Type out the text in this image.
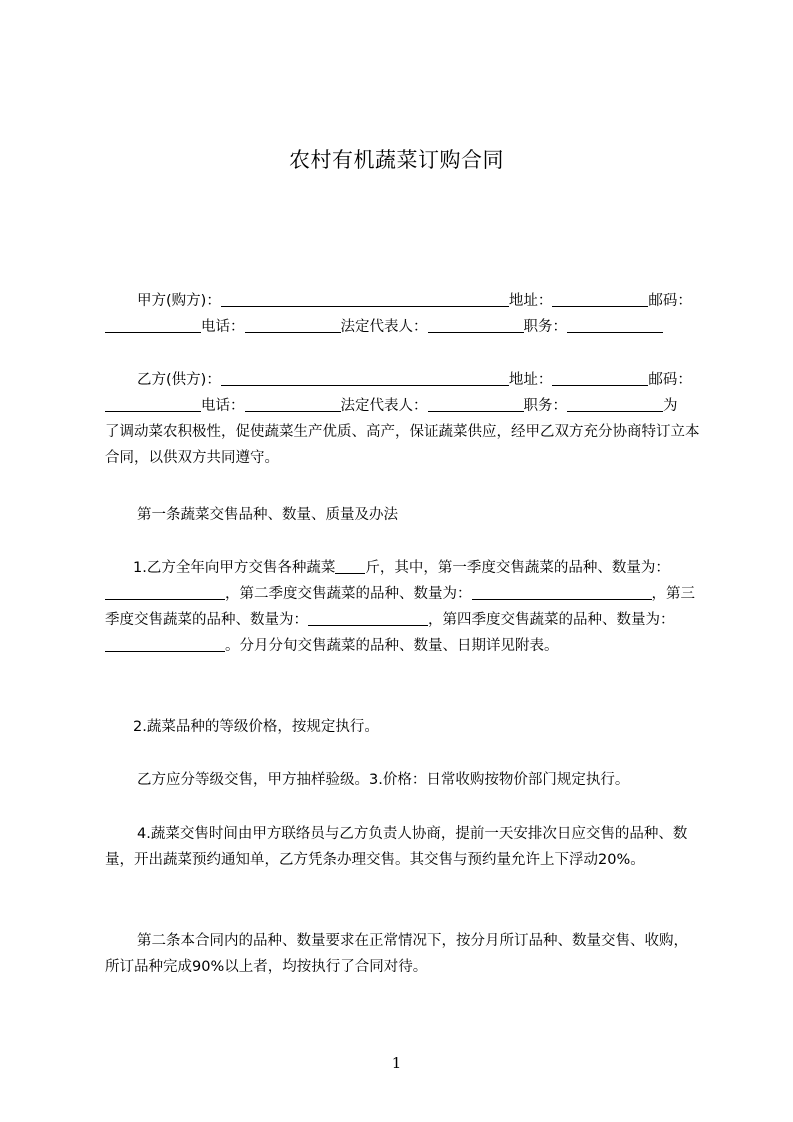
农村有机蔬菜订购合同

甲方(购方)：	地址：	邮码：
电话：	法定代表人：	职务：

乙方(供方)：	地址：	邮码：
电话：	法定代表人：	职务：	为
了调动菜农积极性，促使蔬菜生产优质、高产，保证蔬菜供应，经甲乙双方充分协商特订立本合同，以供双方共同遵守。

第一条蔬菜交售品种、数量、质量及办法

1.乙方全年向甲方交售各种蔬菜 斤，其中，第一季度交售蔬菜的品种、数量为：，第二季度交售蔬菜的品种、数量为：	，第三季度交售蔬菜的品种、数量为：	，第四季度交售蔬菜的品种、数量为：。分月分旬交售蔬菜的品种、数量、日期详见附表。

2.蔬菜品种的等级价格，按规定执行。

乙方应分等级交售，甲方抽样验级。3.价格：日常收购按物价部门规定执行。

4.蔬菜交售时间由甲方联络员与乙方负责人协商，提前一天安排次日应交售的品种、数量，开出蔬菜预约通知单，乙方凭条办理交售。其交售与预约量允许上下浮动20%。

第二条本合同内的品种、数量要求在正常情况下，按分月所订品种、数量交售、收购，所订品种完成90%以上者，均按执行了合同对待。

1
